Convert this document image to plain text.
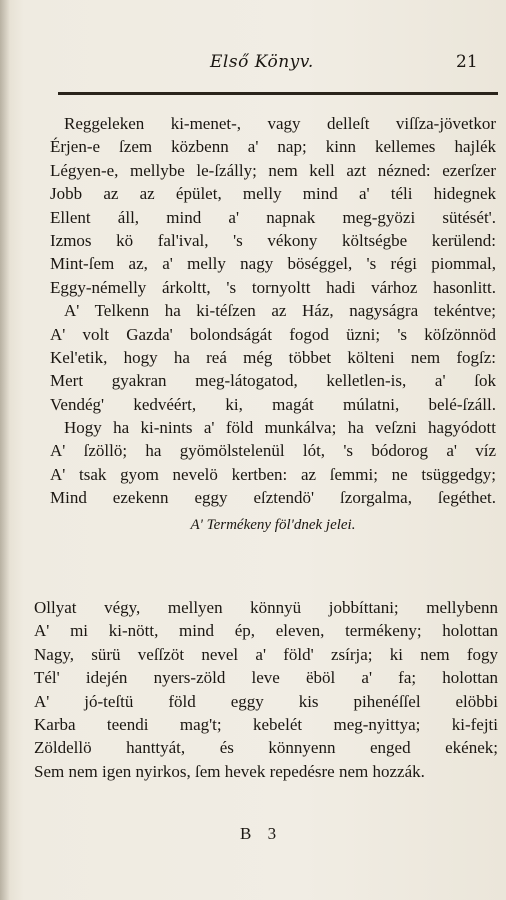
Első Könyv.	21
Reggeleken ki-menet-, vagy delleſt viſſza-jövetkor
Érjen-e ſzem közbenn a' nap; kinn kellemes hajlék
Légyen-e, mellybe le-ſzálly; nem kell azt nézned: ezerſzer
Jobb az az épület, melly mind a' téli hidegnek
Ellent áll, mind a' napnak meg-gyözi sütését'.
Izmos kö fal'ival, 's vékony költségbe kerülend:
Mint-ſem az, a' melly nagy böséggel, 's régi piommal,
Eggy-némelly árkoltt, 's tornyoltt hadi várhoz hasonlitt.
A' Telkenn ha ki-téſzen az Ház, nagyságra tekéntve;
A' volt Gazda' bolondságát fogod üzni; 's köſzönnöd
Kel'etik, hogy ha reá még többet költeni nem fogſz:
Mert gyakran meg-látogatod, kelletlen-is, a' ſok
Vendég' kedvéért, ki, magát múlatni, belé-ſzáll.
Hogy ha ki-nints a' föld munkálva; ha veſzni hagyódott
A' ſzöllö; ha gyömölstelenül lót, 's bódorog a' víz
A' tsak gyom nevelö kertben: az ſemmi; ne tsüggedgy;
Mind ezekenn eggy eſztendö' ſzorgalma, ſegéthet.
A' Termékeny föl'dnek jelei.
Ollyat végy, mellyen könnyü jobbíttani; mellybenn
A' mi ki-nött, mind ép, eleven, termékeny; holottan
Nagy, sürü veſſzöt nevel a' föld' zsírja; ki nem fogy
Tél' idején nyers-zöld leve ëböl a' fa; holottan
A' jó-teſtü föld eggy kis pihenéſſel elöbbi
Karba teendi mag't; kebelét meg-nyittya; ki-fejti
Zöldellö hanttyát, és könnyenn enged ekének;
Sem nem igen nyirkos, ſem hevek repedésre nem hozzák.
B 3
